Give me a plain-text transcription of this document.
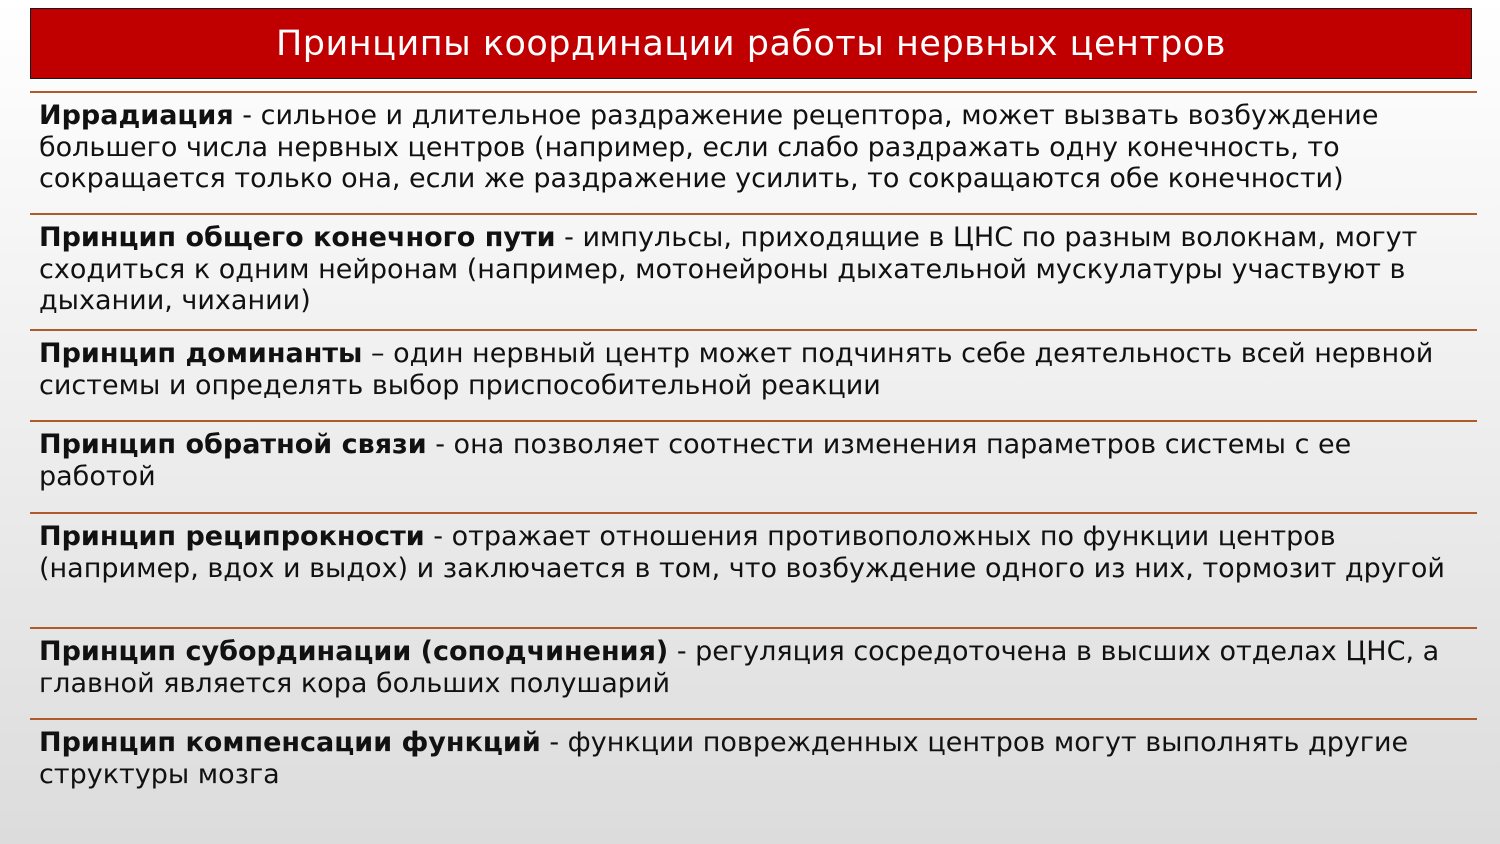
Принципы координации работы нервных центров
Иррадиация - сильное и длительное раздражение рецептора, может вызвать возбуждение большего числа нервных центров (например, если слабо раздражать одну конечность, то сокращается только она, если же раздражение усилить, то сокращаются обе конечности)
Принцип общего конечного пути - импульсы, приходящие в ЦНС по разным волокнам, могут сходиться к одним нейронам (например, мотонейроны дыхательной мускулатуры участвуют в дыхании, чихании)
Принцип доминанты – один нервный центр может подчинять себе деятельность всей нервной системы и определять выбор приспособительной реакции
Принцип обратной связи - она позволяет соотнести изменения параметров системы с ее работой
Принцип реципрокности - отражает отношения противоположных по функции центров (например, вдох и выдох) и заключается в том, что возбуждение одного из них, тормозит другой
Принцип субординации (соподчинения) - регуляция сосредоточена в высших отделах ЦНС, а главной является кора больших полушарий
Принцип компенсации функций - функции поврежденных центров могут выполнять другие структуры мозга
